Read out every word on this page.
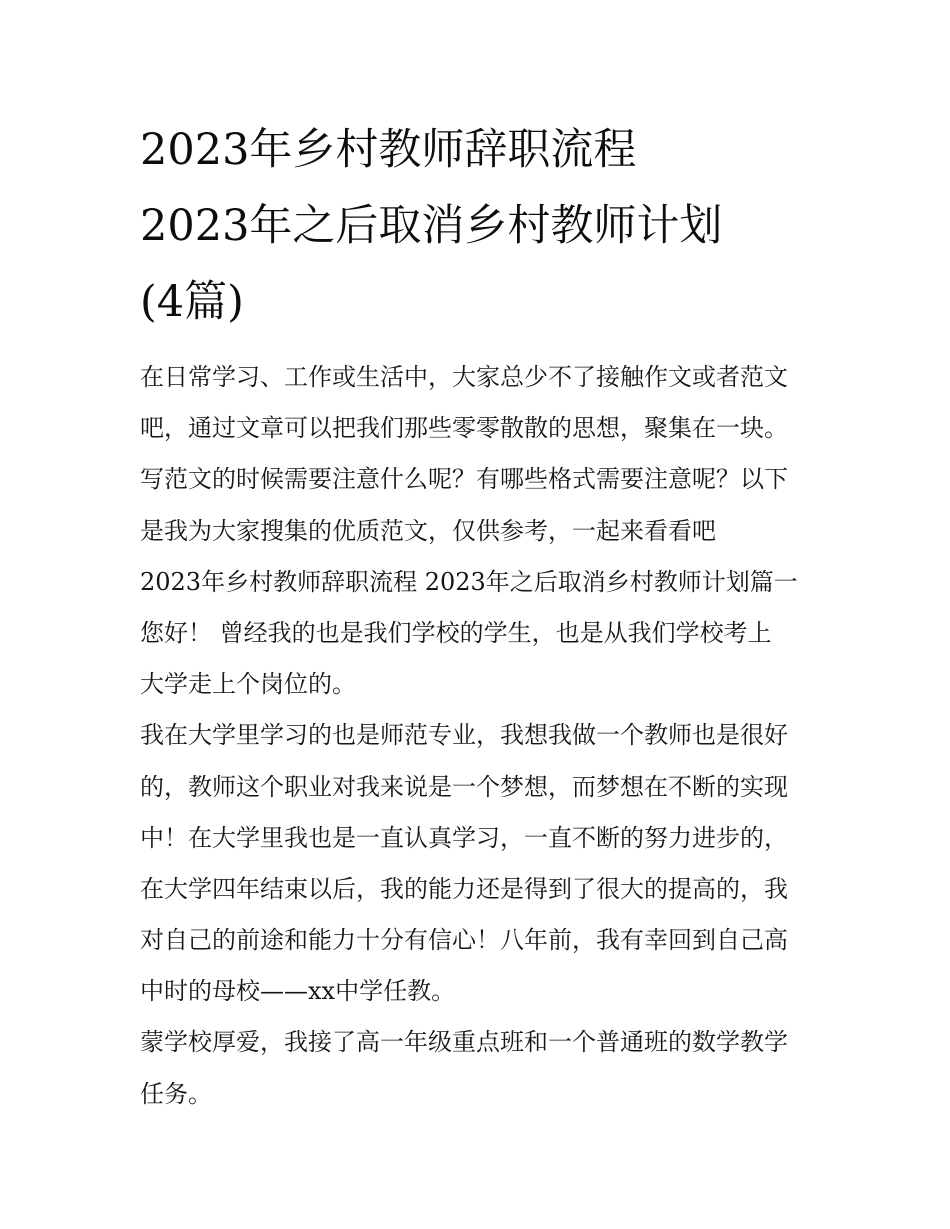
2023年乡村教师辞职流程
2023年之后取消乡村教师计划
(4篇)
在日常学习、工作或生活中，大家总少不了接触作文或者范文
吧，通过文章可以把我们那些零零散散的思想，聚集在一块。
写范文的时候需要注意什么呢？有哪些格式需要注意呢？以下
是我为大家搜集的优质范文，仅供参考，一起来看看吧
2023年乡村教师辞职流程 2023年之后取消乡村教师计划篇一
您好！ 曾经我的也是我们学校的学生，也是从我们学校考上
大学走上个岗位的。
我在大学里学习的也是师范专业，我想我做一个教师也是很好
的，教师这个职业对我来说是一个梦想，而梦想在不断的实现
中！在大学里我也是一直认真学习，一直不断的努力进步的，
在大学四年结束以后，我的能力还是得到了很大的提高的，我
对自己的前途和能力十分有信心！八年前，我有幸回到自己高
中时的母校——xx中学任教。
蒙学校厚爱，我接了高一年级重点班和一个普通班的数学教学
任务。
